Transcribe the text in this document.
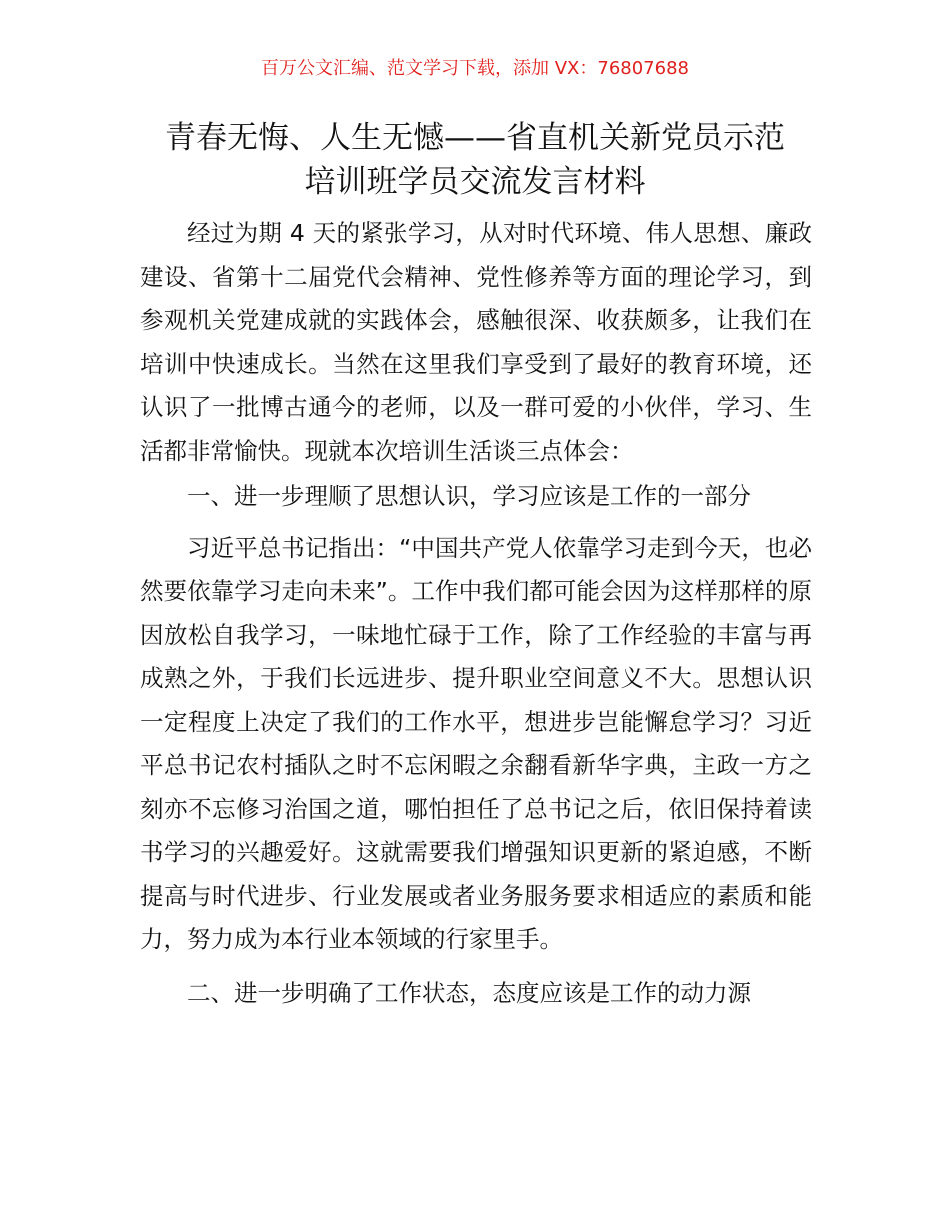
百万公文汇编、范文学习下载，添加 VX：76807688
青春无悔、人生无憾——省直机关新党员示范
培训班学员交流发言材料

经过为期 4 天的紧张学习，从对时代环境、伟人思想、廉政建设、省第十二届党代会精神、党性修养等方面的理论学习，到参观机关党建成就的实践体会，感触很深、收获颇多，让我们在培训中快速成长。当然在这里我们享受到了最好的教育环境，还认识了一批博古通今的老师，以及一群可爱的小伙伴，学习、生活都非常愉快。现就本次培训生活谈三点体会：

一、进一步理顺了思想认识，学习应该是工作的一部分

习近平总书记指出：“中国共产党人依靠学习走到今天，也必然要依靠学习走向未来”。工作中我们都可能会因为这样那样的原因放松自我学习，一味地忙碌于工作，除了工作经验的丰富与再成熟之外，于我们长远进步、提升职业空间意义不大。思想认识一定程度上决定了我们的工作水平，想进步岂能懈怠学习？习近平总书记农村插队之时不忘闲暇之余翻看新华字典，主政一方之刻亦不忘修习治国之道，哪怕担任了总书记之后，依旧保持着读书学习的兴趣爱好。这就需要我们增强知识更新的紧迫感，不断提高与时代进步、行业发展或者业务服务要求相适应的素质和能力，努力成为本行业本领域的行家里手。

二、进一步明确了工作状态，态度应该是工作的动力源
